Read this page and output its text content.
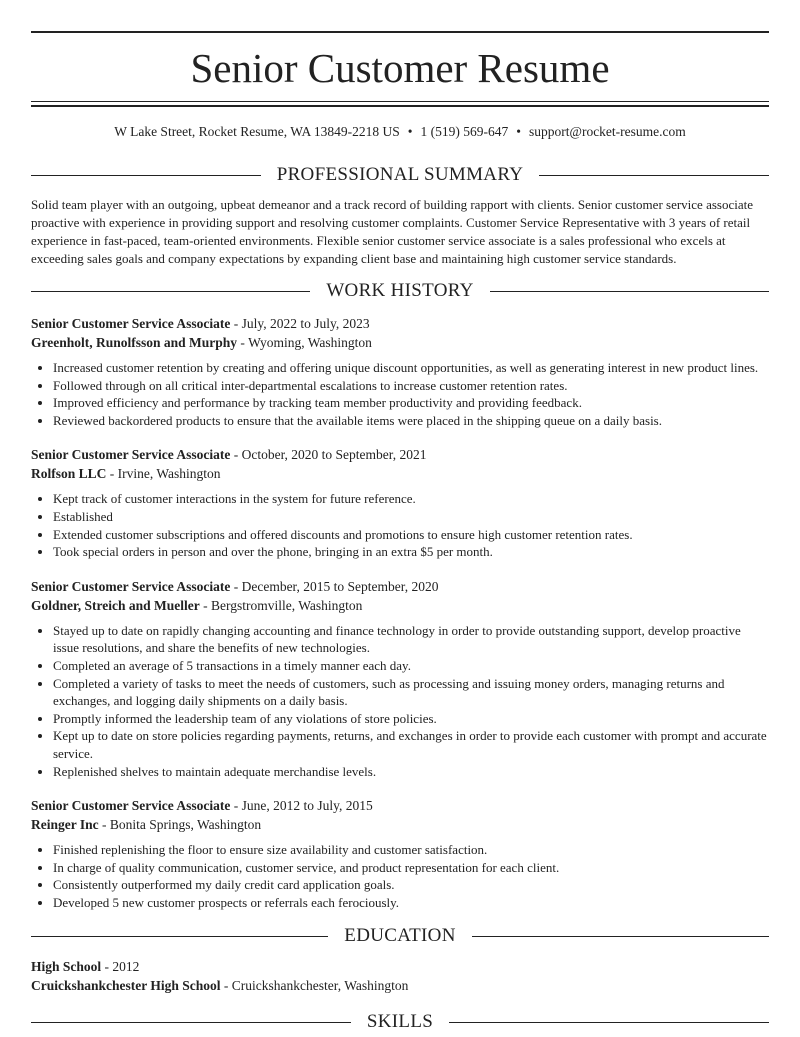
Senior Customer Resume
W Lake Street, Rocket Resume, WA 13849-2218 US • 1 (519) 569-647 • support@rocket-resume.com
PROFESSIONAL SUMMARY

Solid team player with an outgoing, upbeat demeanor and a track record of building rapport with clients. Senior customer service associate proactive with experience in providing support and resolving customer complaints. Customer Service Representative with 3 years of retail experience in fast-paced, team-oriented environments. Flexible senior customer service associate is a sales professional who excels at exceeding sales goals and company expectations by expanding client base and maintaining high customer service standards.

WORK HISTORY
Senior Customer Service Associate - July, 2022 to July, 2023
Greenholt, Runolfsson and Murphy - Wyoming, Washington
• Increased customer retention by creating and offering unique discount opportunities, as well as generating interest in new product lines.
• Followed through on all critical inter-departmental escalations to increase customer retention rates.
• Improved efficiency and performance by tracking team member productivity and providing feedback.
• Reviewed backordered products to ensure that the available items were placed in the shipping queue on a daily basis.
Senior Customer Service Associate - October, 2020 to September, 2021
Rolfson LLC - Irvine, Washington
• Kept track of customer interactions in the system for future reference.
• Established
• Extended customer subscriptions and offered discounts and promotions to ensure high customer retention rates.
• Took special orders in person and over the phone, bringing in an extra $5 per month.
Senior Customer Service Associate - December, 2015 to September, 2020
Goldner, Streich and Mueller - Bergstromville, Washington
• Stayed up to date on rapidly changing accounting and finance technology in order to provide outstanding support, develop proactive issue resolutions, and share the benefits of new technologies.
• Completed an average of 5 transactions in a timely manner each day.
• Completed a variety of tasks to meet the needs of customers, such as processing and issuing money orders, managing returns and exchanges, and logging daily shipments on a daily basis.
• Promptly informed the leadership team of any violations of store policies.
• Kept up to date on store policies regarding payments, returns, and exchanges in order to provide each customer with prompt and accurate service.
• Replenished shelves to maintain adequate merchandise levels.
Senior Customer Service Associate - June, 2012 to July, 2015
Reinger Inc - Bonita Springs, Washington
• Finished replenishing the floor to ensure size availability and customer satisfaction.
• In charge of quality communication, customer service, and product representation for each client.
• Consistently outperformed my daily credit card application goals.
• Developed 5 new customer prospects or referrals each ferociously.
EDUCATION
High School - 2012
Cruickshankchester High School - Cruickshankchester, Washington
SKILLS
